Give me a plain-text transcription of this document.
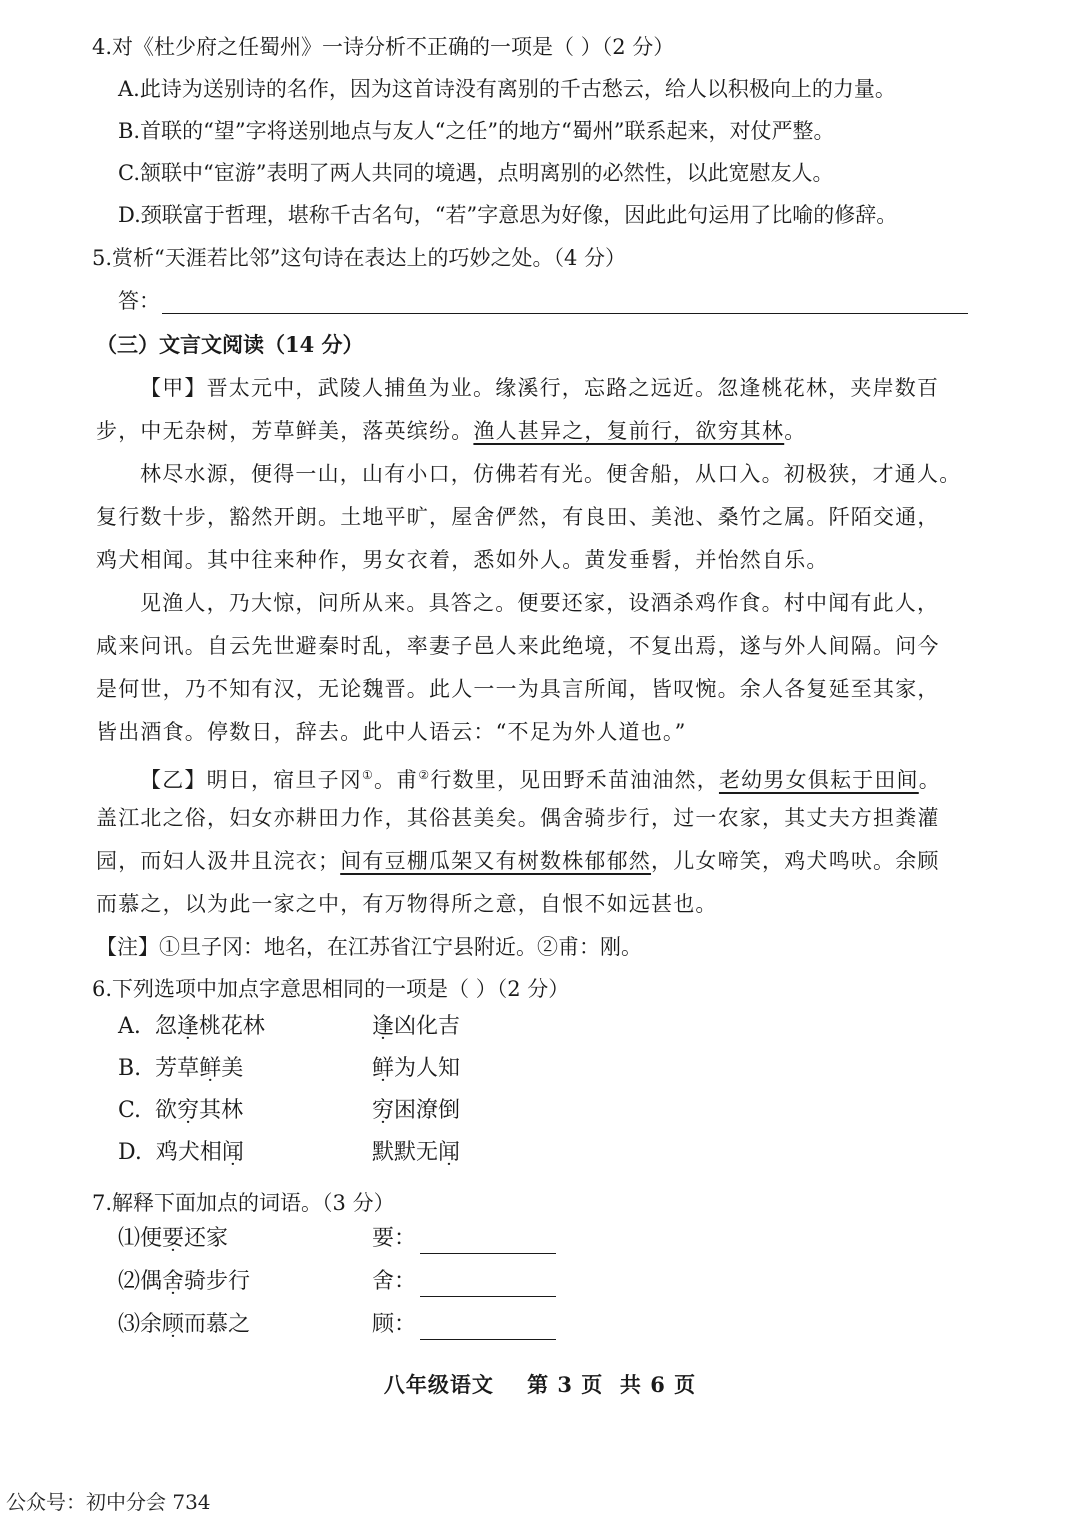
4.对《杜少府之任蜀州》一诗分析不正确的一项是（ ）（2 分）
A.此诗为送别诗的名作，因为这首诗没有离别的千古愁云，给人以积极向上的力量。
B.首联的“望”字将送别地点与友人“之任”的地方“蜀州”联系起来，对仗严整。
C.颔联中“宦游”表明了两人共同的境遇，点明离别的必然性，以此宽慰友人。
D.颈联富于哲理，堪称千古名句，“若”字意思为好像，因此此句运用了比喻的修辞。
5.赏析“天涯若比邻”这句诗在表达上的巧妙之处。（4 分）
答：
（三）文言文阅读（14 分）
【甲】晋太元中，武陵人捕鱼为业。缘溪行，忘路之远近。忽逢桃花林，夹岸数百
步，中无杂树，芳草鲜美，落英缤纷。渔人甚异之，复前行，欲穷其林。
林尽水源，便得一山，山有小口，仿佛若有光。便舍船，从口入。初极狭，才通人。
复行数十步，豁然开朗。土地平旷，屋舍俨然，有良田、美池、桑竹之属。阡陌交通，
鸡犬相闻。其中往来种作，男女衣着，悉如外人。黄发垂髫，并怡然自乐。
见渔人，乃大惊，问所从来。具答之。便要还家，设酒杀鸡作食。村中闻有此人，
咸来问讯。自云先世避秦时乱，率妻子邑人来此绝境，不复出焉，遂与外人间隔。问今
是何世，乃不知有汉，无论魏晋。此人一一为具言所闻，皆叹惋。余人各复延至其家，
皆出酒食。停数日，辞去。此中人语云：“不足为外人道也。”
【乙】明日，宿旦子冈①。甫②行数里，见田野禾苗油油然，老幼男女俱耘于田间。
盖江北之俗，妇女亦耕田力作，其俗甚美矣。偶舍骑步行，过一农家，其丈夫方担粪灌
园，而妇人汲井且浣衣；间有豆棚瓜架又有树数株郁郁然，儿女啼笑，鸡犬鸣吠。余顾
而慕之，以为此一家之中，有万物得所之意，自恨不如远甚也。
【注】①旦子冈：地名，在江苏省江宁县附近。②甫：刚。
6.下列选项中加点字意思相同的一项是（ ）（2 分）
A. 忽逢桃花林	逢凶化吉
B. 芳草鲜美	鲜为人知
C. 欲穷其林	穷困潦倒
D. 鸡犬相闻	默默无闻
7.解释下面加点的词语。（3 分）
⑴便要还家	要：
⑵偶舍骑步行	舍：
⑶余顾而慕之	顾：
八年级语文    第 3 页  共 6 页
公众号：初中分会 734
